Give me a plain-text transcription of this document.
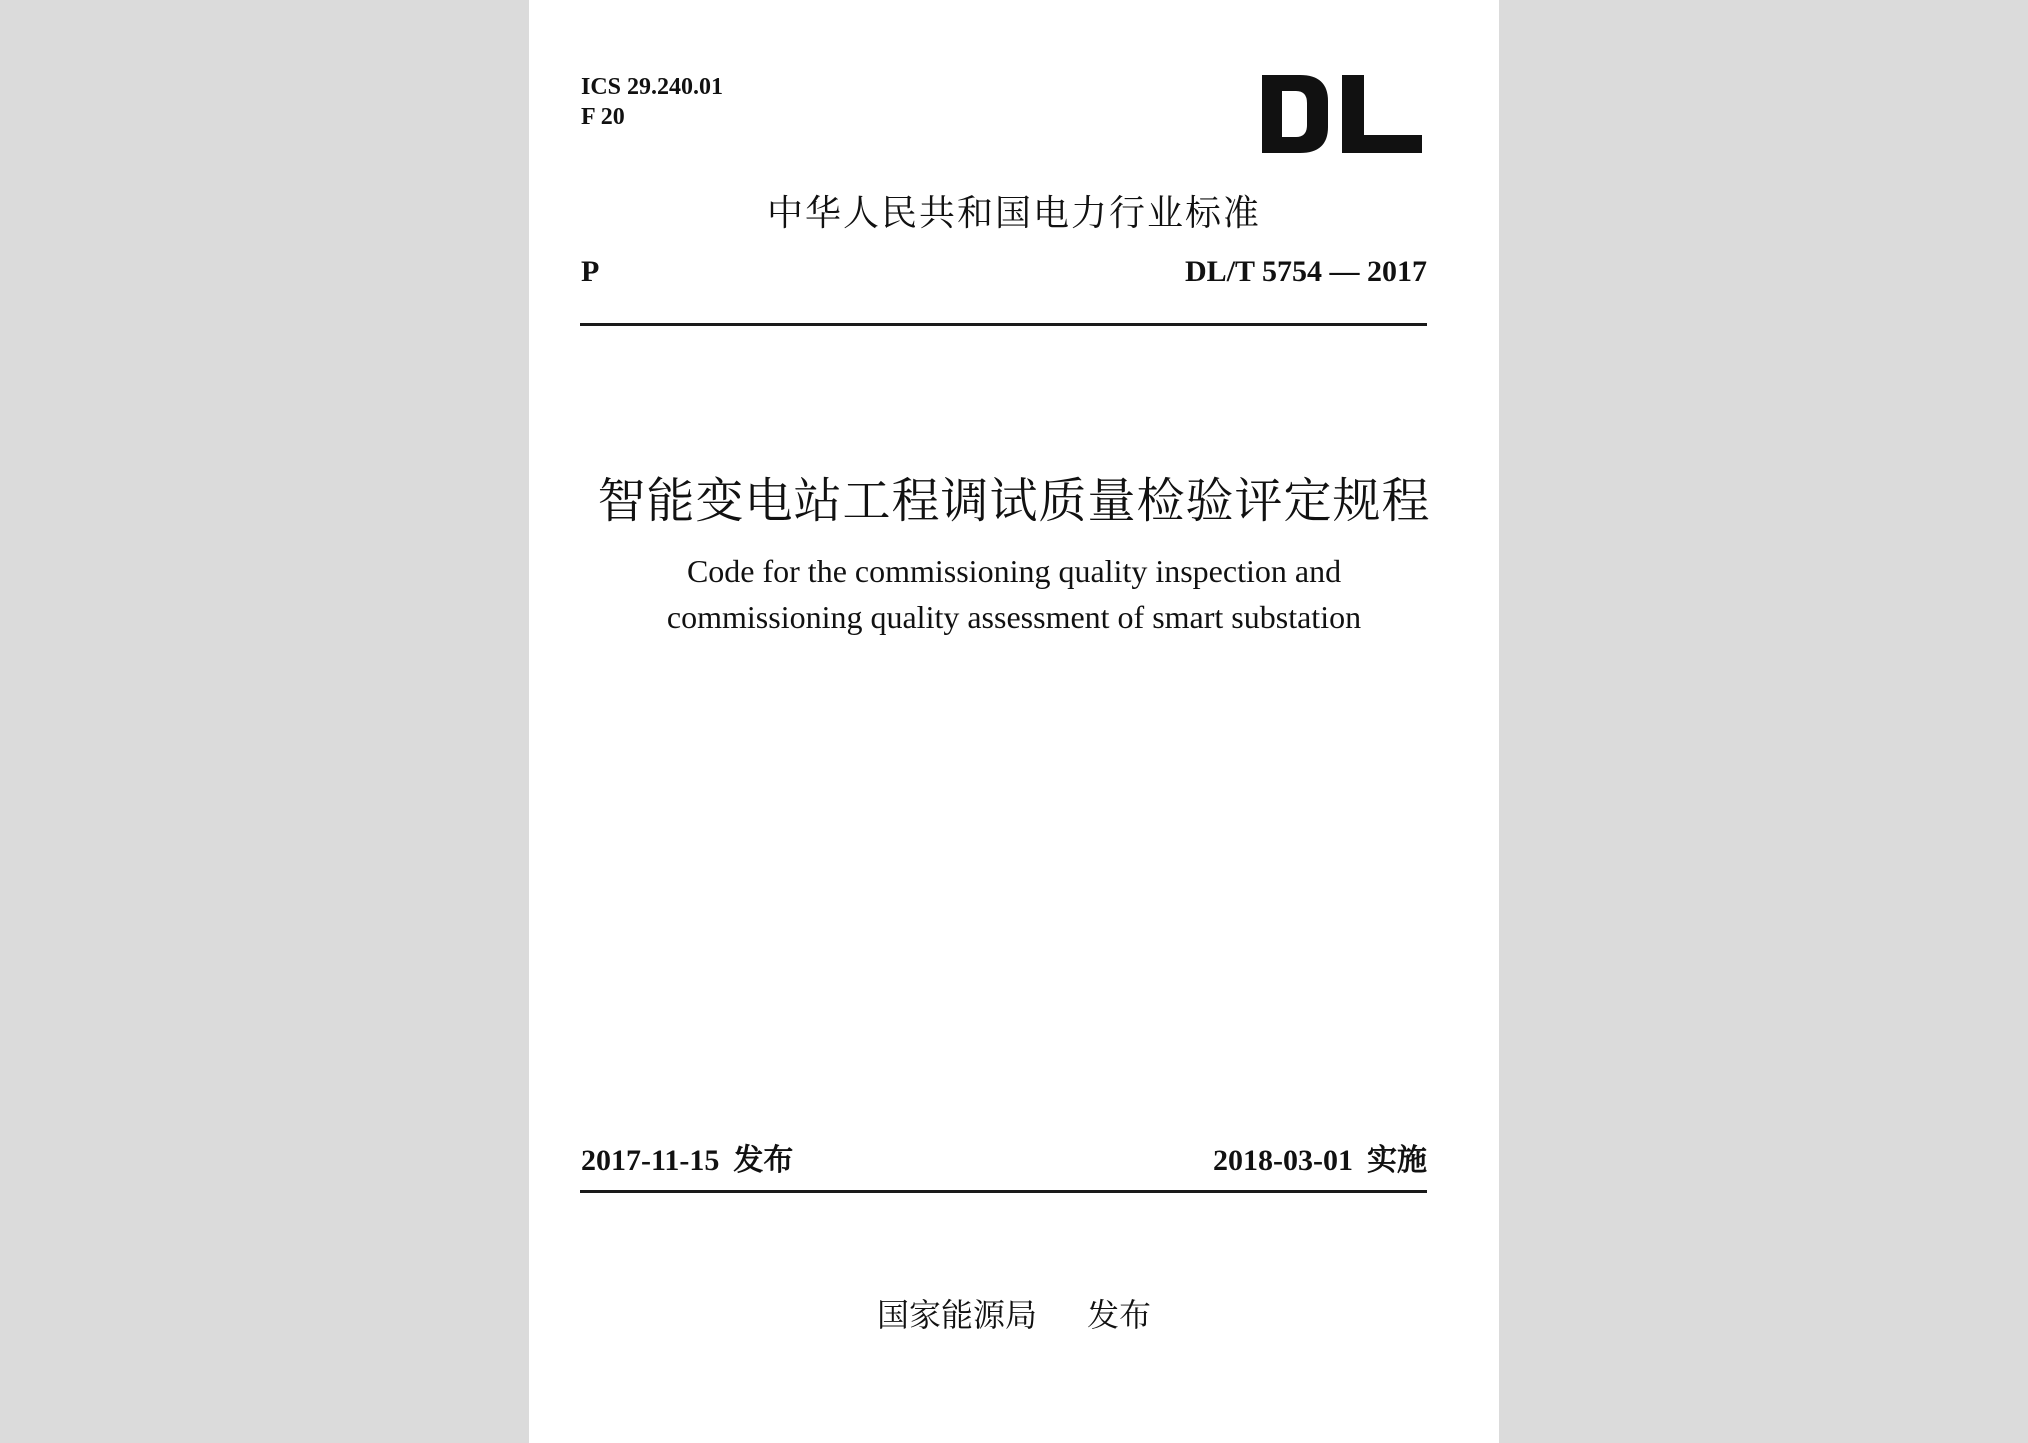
ICS 29.240.01
F 20
中华人民共和国电力行业标准
P	DL/T 5754 — 2017
智能变电站工程调试质量检验评定规程
Code for the commissioning quality inspection and
commissioning quality assessment of smart substation
2017-11-15 发布	2018-03-01 实施
国家能源局 发布
